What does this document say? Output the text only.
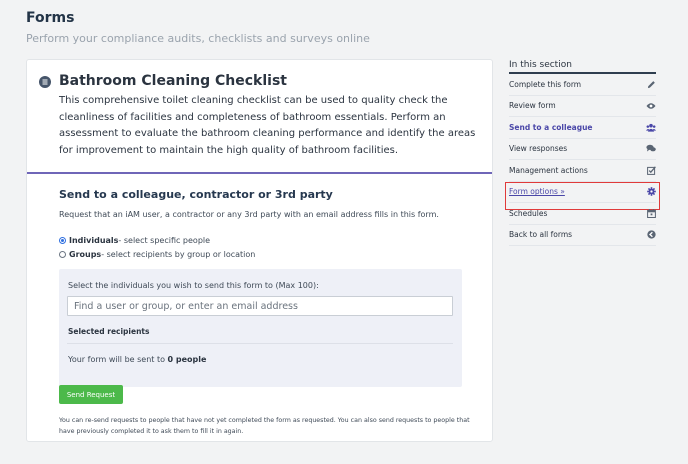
Forms
Perform your compliance audits, checklists and surveys online
Bathroom Cleaning Checklist
This comprehensive toilet cleaning checklist can be used to quality check the cleanliness of facilities and completeness of bathroom essentials. Perform an assessment to evaluate the bathroom cleaning performance and identify the areas for improvement to maintain the high quality of bathroom facilities.
Send to a colleague, contractor or 3rd party
Request that an iAM user, a contractor or any 3rd party with an email address fills in this form.
Individuals - select specific people
Groups - select recipients by group or location
Select the individuals you wish to send this form to (Max 100):
Find a user or group, or enter an email address
Selected recipients
Your form will be sent to 0 people
Send Request
You can re-send requests to people that have not yet completed the form as requested. You can also send requests to people that have previously completed it to ask them to fill it in again.
In this section
Complete this form
Review form
Send to a colleague
View responses
Management actions
Form options »
Schedules
Back to all forms
